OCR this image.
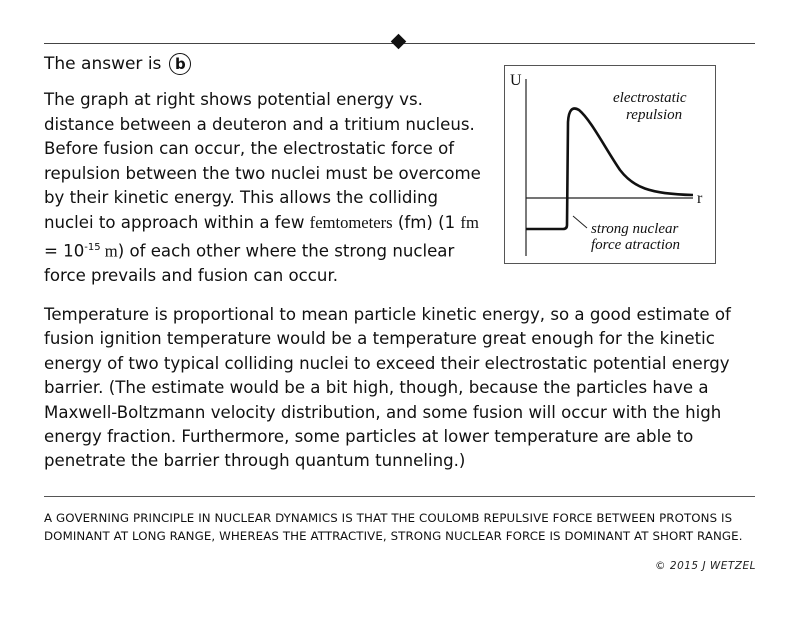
The answer is b
The graph at right shows potential energy vs. distance between a deuteron and a tritium nucleus. Before fusion can occur, the electrostatic force of repulsion between the two nuclei must be overcome by their kinetic energy. This allows the colliding nuclei to approach within a few femtometers (fm) (1 fm = $10^{-15}$ m) of each other where the strong nuclear force prevails and fusion can occur.
U
r
electrostatic
repulsion
strong nuclear
force atraction
Temperature is proportional to mean particle kinetic energy, so a good estimate of fusion ignition temperature would be a temperature great enough for the kinetic energy of two typical colliding nuclei to exceed their electrostatic potential energy barrier. (The estimate would be a bit high, though, because the particles have a Maxwell-Boltzmann velocity distribution, and some fusion will occur with the high energy fraction. Furthermore, some particles at lower temperature are able to penetrate the barrier through quantum tunneling.)
A GOVERNING PRINCIPLE IN NUCLEAR DYNAMICS IS THAT THE COULOMB REPULSIVE FORCE BETWEEN PROTONS IS DOMINANT AT LONG RANGE, WHEREAS THE ATTRACTIVE, STRONG NUCLEAR FORCE IS DOMINANT AT SHORT RANGE.
© 2015 J WETZEL
